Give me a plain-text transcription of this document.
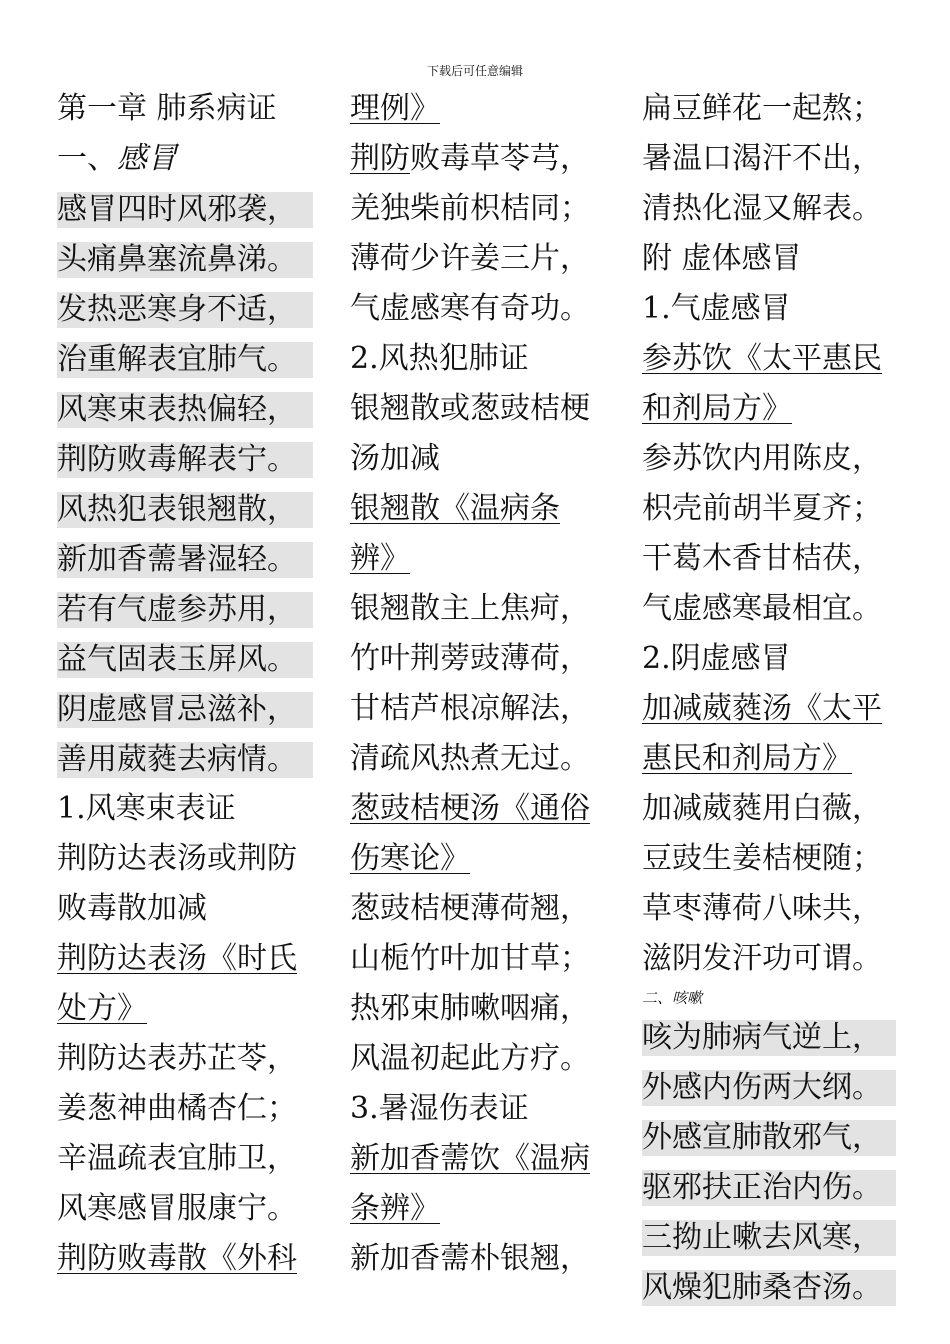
下载后可任意编辑
第一章 肺系病证
一、感冒
感冒四时风邪袭，
头痛鼻塞流鼻涕。
发热恶寒身不适，
治重解表宜肺气。
风寒束表热偏轻，
荆防败毒解表宁。
风热犯表银翘散，
新加香薷暑湿轻。
若有气虚参苏用，
益气固表玉屏风。
阴虚感冒忌滋补，
善用葳蕤去病情。
1.风寒束表证
荆防达表汤或荆防
败毒散加减
荆防达表汤《时氏
处方》
荆防达表苏芷苓，
姜葱神曲橘杏仁；
辛温疏表宜肺卫，
风寒感冒服康宁。
荆防败毒散《外科
理例》
荆防败毒草苓芎，
羌独柴前枳桔同；
薄荷少许姜三片，
气虚感寒有奇功。
2.风热犯肺证
银翘散或葱豉桔梗
汤加减
银翘散《温病条
辨》
银翘散主上焦疴，
竹叶荆蒡豉薄荷，
甘桔芦根凉解法，
清疏风热煮无过。
葱豉桔梗汤《通俗
伤寒论》
葱豉桔梗薄荷翘，
山栀竹叶加甘草；
热邪束肺嗽咽痛，
风温初起此方疗。
3.暑湿伤表证
新加香薷饮《温病
条辨》
新加香薷朴银翘，
扁豆鲜花一起熬；
暑温口渴汗不出，
清热化湿又解表。
附 虚体感冒
1.气虚感冒
参苏饮《太平惠民
和剂局方》
参苏饮内用陈皮，
枳壳前胡半夏齐；
干葛木香甘桔茯，
气虚感寒最相宜。
2.阴虚感冒
加减葳蕤汤《太平
惠民和剂局方》
加减葳蕤用白薇，
豆豉生姜桔梗随；
草枣薄荷八味共，
滋阴发汗功可谓。
二、咳嗽
咳为肺病气逆上，
外感内伤两大纲。
外感宣肺散邪气，
驱邪扶正治内伤。
三拗止嗽去风寒，
风燥犯肺桑杏汤。
